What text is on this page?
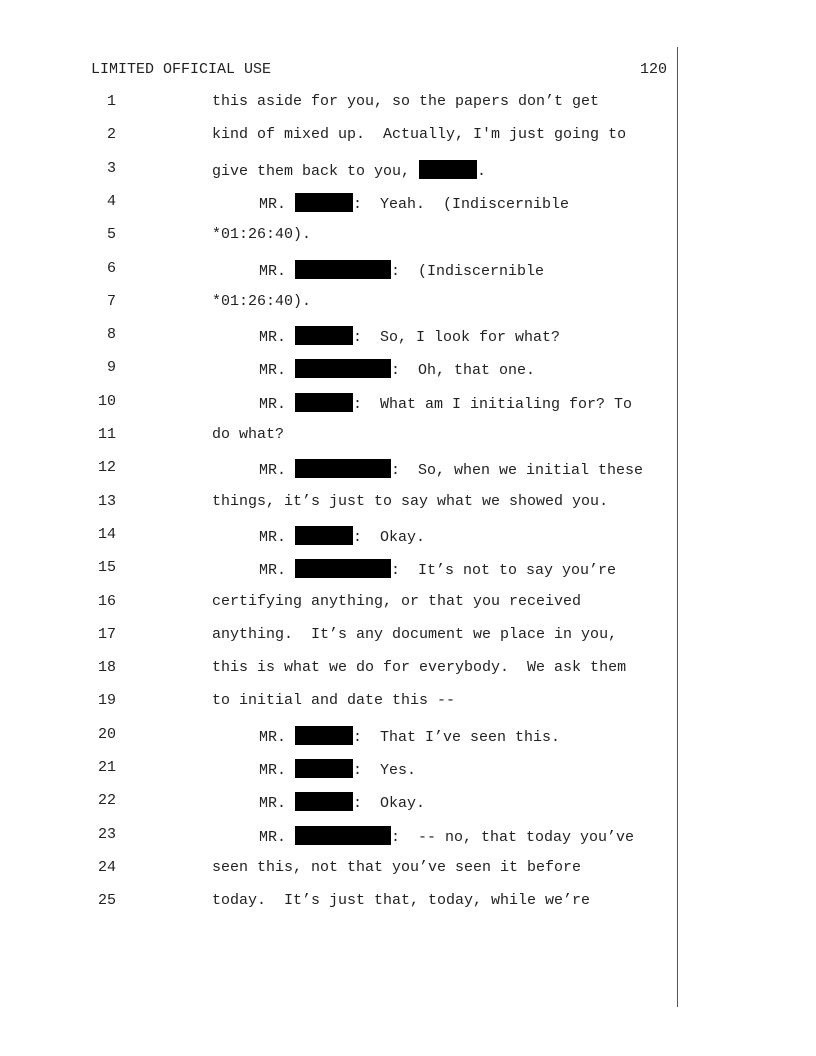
LIMITED OFFICIAL USE	120
1	this aside for you, so the papers don’t get
2	kind of mixed up.  Actually, I'm just going to
3	give them back to you,	.
4	MR.	:  Yeah.  (Indiscernible
5	*01:26:40).
6	MR.	:  (Indiscernible
7	*01:26:40).
8	MR.	:  So, I look for what?
9	MR.	:  Oh, that one.
10	MR.	:  What am I initialing for? To
11	do what?
12	MR.	:  So, when we initial these
13	things, it’s just to say what we showed you.
14	MR.	:  Okay.
15	MR.	:  It’s not to say you’re
16	certifying anything, or that you received
17	anything.  It’s any document we place in you,
18	this is what we do for everybody.  We ask them
19	to initial and date this --
20	MR.	:  That I’ve seen this.
21	MR.	:  Yes.
22	MR.	:  Okay.
23	MR.	:  -- no, that today you’ve
24	seen this, not that you’ve seen it before
25	today.  It’s just that, today, while we’re
